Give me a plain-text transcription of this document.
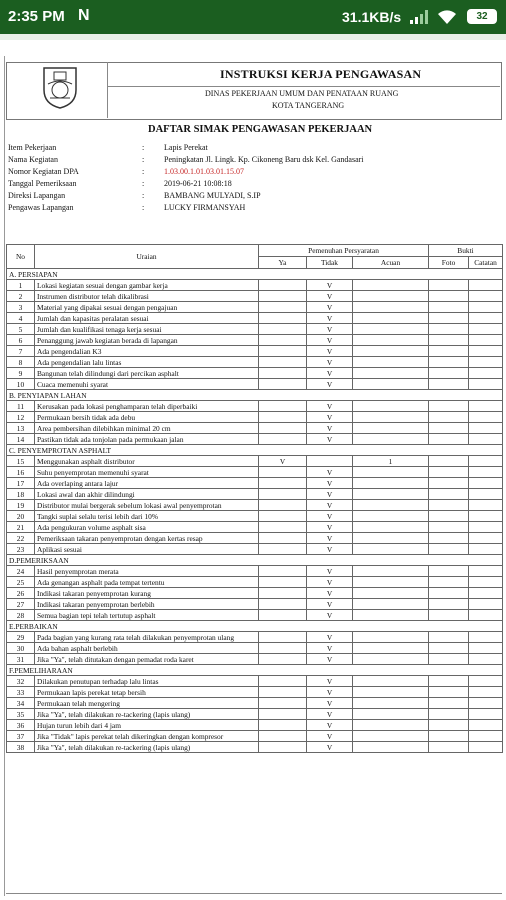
2:35 PM N	31.1KB/s	32
INSTRUKSI KERJA PENGAWASAN
DINAS PEKERJAAN UMUM DAN PENATAAN RUANG
KOTA TANGERANG
DAFTAR SIMAK PENGAWASAN PEKERJAAN
Item Pekerjaan	: Lapis Perekat
Nama Kegiatan	: Peningkatan Jl. Lingk. Kp. Cikoneng Baru dsk Kel. Gandasari
Nomor Kegiatan DPA	: 1.03.00.1.01.03.01.15.07
Tanggal Pemeriksaan	: 2019-06-21 10:08:18
Direksi Lapangan	: BAMBANG MULYADI, S.IP
Pengawas Lapangan	: LUCKY FIRMANSYAH
No	Uraian	Pemenuhan Persyaratan			Bukti	
		Ya	Tidak	Acuan	Foto	Catatan
A. PERSIAPAN						
1	Lokasi kegiatan sesuai dengan gambar kerja		V			
2	Instrumen distributor telah dikalibrasi		V			
3	Material yang dipakai sesuai dengan pengajuan		V			
4	Jumlah dan kapasitas peralatan sesuai		V			
5	Jumlah dan kualifikasi tenaga kerja sesuai		V			
6	Penanggung jawab kegiatan berada di lapangan		V			
7	Ada pengendalian K3		V			
8	Ada pengendalian lalu lintas		V			
9	Bangunan telah dilindungi dari percikan asphalt		V			
10	Cuaca memenuhi syarat		V			
B. PENYIAPAN LAHAN						
11	Kerusakan pada lokasi penghamparan telah diperbaiki		V			
12	Permukaan bersih tidak ada debu		V			
13	Area pembersihan dilebihkan minimal 20 cm		V			
14	Pastikan tidak ada tonjolan pada permukaan jalan		V			
C. PENYEMPROTAN ASPHALT						
15	Menggunakan asphalt distributor	V		1		
16	Suhu penyemprotan memenuhi syarat		V			
17	Ada overlaping antara lajur		V			
18	Lokasi awal dan akhir dilindungi		V			
19	Distributor mulai bergerak sebelum lokasi awal penyemprotan		V			
20	Tangki suplai selalu terisi lebih dari 10%		V			
21	Ada pengukuran volume asphalt sisa		V			
22	Pemeriksaan takaran penyemprotan dengan kertas resap		V			
23	Aplikasi sesuai		V			
D.PEMERIKSAAN						
24	Hasil penyemprotan merata		V			
25	Ada genangan asphalt pada tempat tertentu		V			
26	Indikasi takaran penyemprotan kurang		V			
27	Indikasi takaran penyemprotan berlebih		V			
28	Semua bagian tepi telah tertutup asphalt		V			
E.PERBAIKAN						
29	Pada bagian yang kurang rata telah dilakukan penyemprotan ulang		V			
30	Ada bahan asphalt berlebih		V			
31	Jika "Ya", telah ditutakan dengan pemadat roda karet		V			
F.PEMELIHARAAN						
32	Dilakukan penutupan terhadap lalu lintas		V			
33	Permukaan lapis perekat tetap bersih		V			
34	Permukaan telah mengering		V			
35	Jika "Ya", telah dilakukan re-tackering (lapis ulang)		V			
36	Hujan turun lebih dari 4 jam		V			
37	Jika "Tidak" lapis perekat telah dikeringkan dengan kompresor		V			
38	Jika "Ya", telah dilakukan re-tackering (lapis ulang)		V			
